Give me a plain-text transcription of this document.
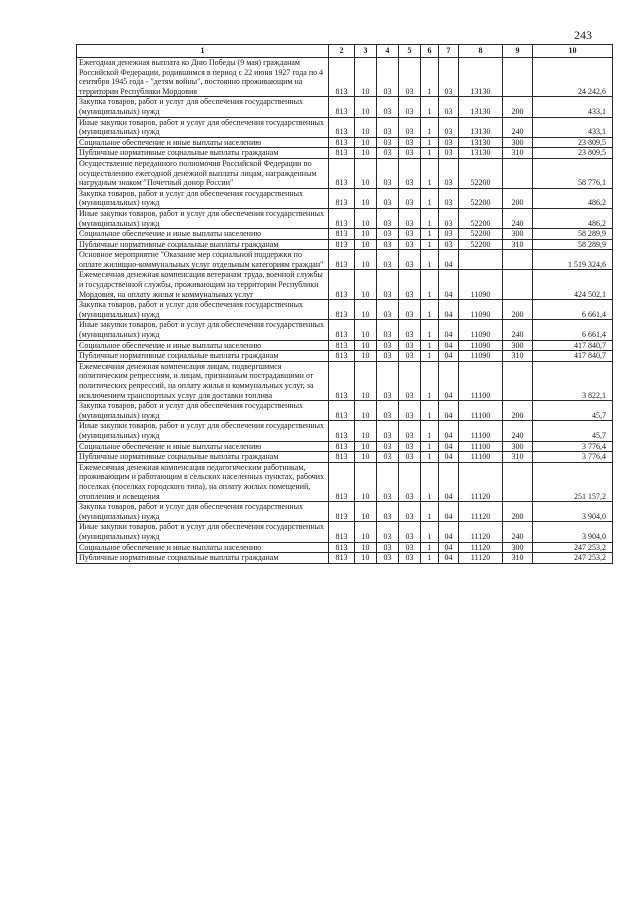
243
1	2	3	4	5	6	7	8	9	10
Ежегодная денежная выплата ко Дню Победы (9 мая) гражданам Российской Федерации, родившимся в период с 22 июня 1927 года по 4 сентября 1945 года - "детям войны", постоянно проживающим на территории Республики Мордовия	813	10	03	03	1	03	13130		24 242,6
Закупка товаров, работ и услуг для обеспечения государственных (муниципальных) нужд	813	10	03	03	1	03	13130	200	433,1
Иные закупки товаров, работ и услуг для обеспечения государственных (муниципальных) нужд	813	10	03	03	1	03	13130	240	433,1
Социальное обеспечение и иные выплаты населению	813	10	03	03	1	03	13130	300	23 809,5
Публичные нормативные социальные выплаты гражданам	813	10	03	03	1	03	13130	310	23 809,5
Осуществление переданного полномочия Российской Федерации по осуществлению ежегодной денежной выплаты лицам, награжденным нагрудным знаком "Почетный донор России"	813	10	03	03	1	03	52200		58 776,1
Закупка товаров, работ и услуг для обеспечения государственных (муниципальных) нужд	813	10	03	03	1	03	52200	200	486,2
Иные закупки товаров, работ и услуг для обеспечения государственных (муниципальных) нужд	813	10	03	03	1	03	52200	240	486,2
Социальное обеспечение и иные выплаты населению	813	10	03	03	1	03	52200	300	58 289,9
Публичные нормативные социальные выплаты гражданам	813	10	03	03	1	03	52200	310	58 289,9
Основное мероприятие "Оказание мер социальной поддержки по оплате жилищно-коммунальных услуг отдельным категориям граждан"	813	10	03	03	1	04			1 519 324,6
Ежемесячная денежная компенсация ветеранам труда, военной службы и государственной службы, проживающим на территории Республики Мордовия, на оплату жилья и коммунальных услуг	813	10	03	03	1	04	11090		424 502,1
Закупка товаров, работ и услуг для обеспечения государственных (муниципальных) нужд	813	10	03	03	1	04	11090	200	6 661,4
Иные закупки товаров, работ и услуг для обеспечения государственных (муниципальных) нужд	813	10	03	03	1	04	11090	240	6 661,4
Социальное обеспечение и иные выплаты населению	813	10	03	03	1	04	11090	300	417 840,7
Публичные нормативные социальные выплаты гражданам	813	10	03	03	1	04	11090	310	417 840,7
Ежемесячная денежная компенсация лицам, подвергшимся политическим репрессиям, и лицам, признанным пострадавшими от политических репрессий, на оплату жилья и коммунальных услуг, за исключением транспортных услуг для доставки топлива	813	10	03	03	1	04	11100		3 822,1
Закупка товаров, работ и услуг для обеспечения государственных (муниципальных) нужд	813	10	03	03	1	04	11100	200	45,7
Иные закупки товаров, работ и услуг для обеспечения государственных (муниципальных) нужд	813	10	03	03	1	04	11100	240	45,7
Социальное обеспечение и иные выплаты населению	813	10	03	03	1	04	11100	300	3 776,4
Публичные нормативные социальные выплаты гражданам	813	10	03	03	1	04	11100	310	3 776,4
Ежемесячная денежная компенсация педагогическим работникам, проживающим и работающим в сельских населенных пунктах, рабочих поселках (поселках городского типа), на оплату жилых помещений, отопления и освещения	813	10	03	03	1	04	11120		251 157,2
Закупка товаров, работ и услуг для обеспечения государственных (муниципальных) нужд	813	10	03	03	1	04	11120	200	3 904,0
Иные закупки товаров, работ и услуг для обеспечения государственных (муниципальных) нужд	813	10	03	03	1	04	11120	240	3 904,0
Социальное обеспечение и иные выплаты населению	813	10	03	03	1	04	11120	300	247 253,2
Публичные нормативные социальные выплаты гражданам	813	10	03	03	1	04	11120	310	247 253,2
